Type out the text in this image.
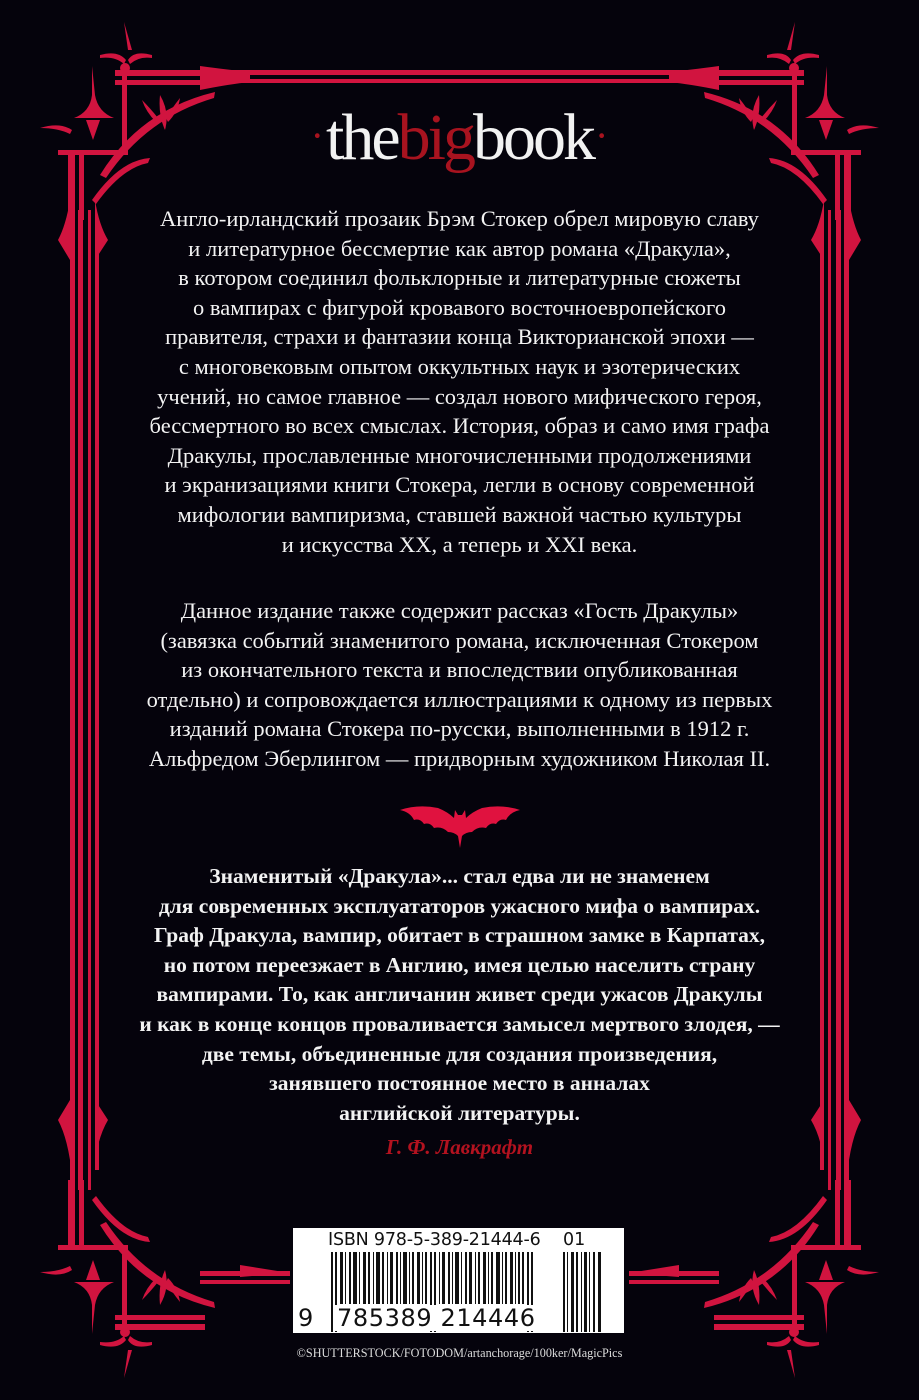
·thebigbook·
Англо-ирландский прозаик Брэм Стокер обрел мировую славу
и литературное бессмертие как автор романа «Дракула»,
в котором соединил фольклорные и литературные сюжеты
о вампирах с фигурой кровавого восточноевропейского
правителя, страхи и фантазии конца Викторианской эпохи —
с многовековым опытом оккультных наук и эзотерических
учений, но самое главное — создал нового мифического героя,
бессмертного во всех смыслах. История, образ и само имя графа
Дракулы, прославленные многочисленными продолжениями
и экранизациями книги Стокера, легли в основу современной
мифологии вампиризма, ставшей важной частью культуры
и искусства XX, а теперь и XXI века.
Данное издание также содержит рассказ «Гость Дракулы»
(завязка событий знаменитого романа, исключенная Стокером
из окончательного текста и впоследствии опубликованная
отдельно) и сопровождается иллюстрациями к одному из первых
изданий романа Стокера по-русски, выполненными в 1912 г.
Альфредом Эберлингом — придворным художником Николая II.
Знаменитый «Дракула»... стал едва ли не знаменем
для современных эксплуататоров ужасного мифа о вампирах.
Граф Дракула, вампир, обитает в страшном замке в Карпатах,
но потом переезжает в Англию, имея целью населить страну
вампирами. То, как англичанин живет среди ужасов Дракулы
и как в конце концов проваливается замысел мертвого злодея, —
две темы, объединенные для создания произведения,
занявшего постоянное место в анналах
английской литературы.
Г. Ф. Лавкрафт
ISBN 978-5-389-21444-6 01
9 785389 214446
©SHUTTERSTOCK/FOTODOM/artanchorage/100ker/MagicPics
